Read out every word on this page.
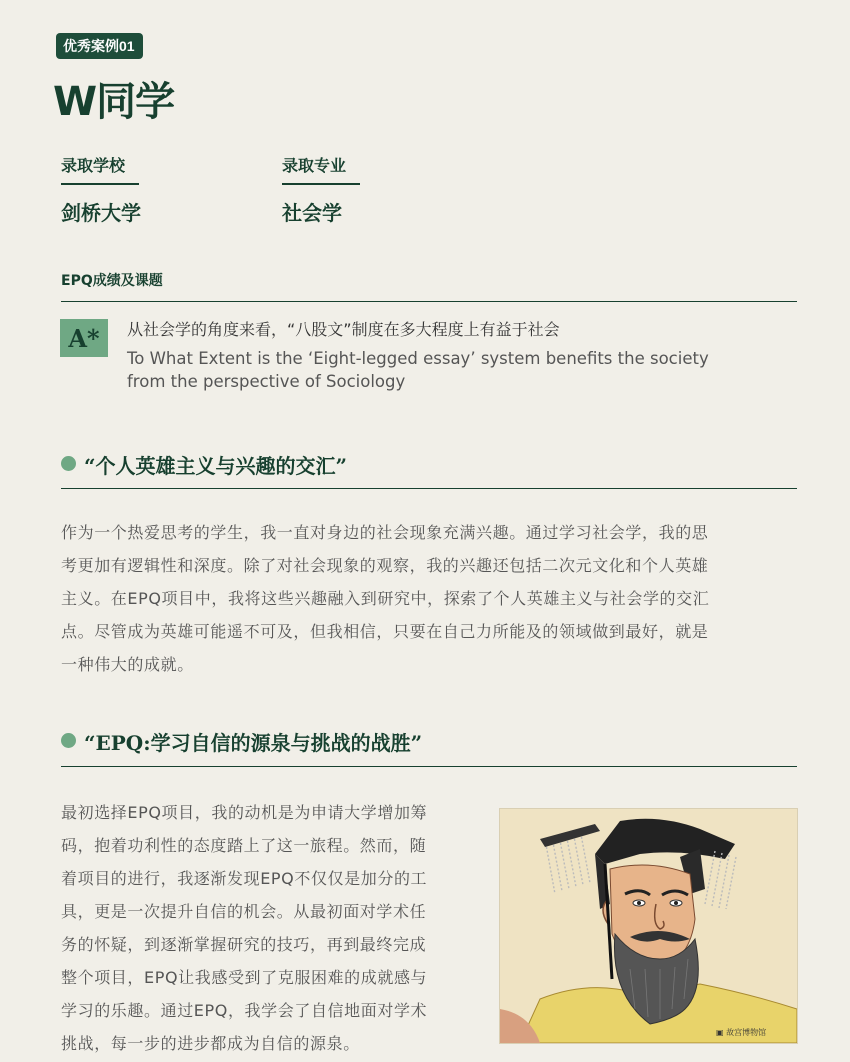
优秀案例01
W同学
录取学校
剑桥大学
录取专业
社会学
EPQ成绩及课题
A*	从社会学的角度来看，“八股文”制度在多大程度上有益于社会
To What Extent is the ‘Eight-legged essay’ system benefits the society
from the perspective of Sociology
“个人英雄主义与兴趣的交汇”
作为一个热爱思考的学生，我一直对身边的社会现象充满兴趣。通过学习社会学，我的思
考更加有逻辑性和深度。除了对社会现象的观察，我的兴趣还包括二次元文化和个人英雄
主义。在EPQ项目中，我将这些兴趣融入到研究中，探索了个人英雄主义与社会学的交汇
点。尽管成为英雄可能遥不可及，但我相信，只要在自己力所能及的领域做到最好，就是
一种伟大的成就。
“EPQ:学习自信的源泉与挑战的战胜”
最初选择EPQ项目，我的动机是为申请大学增加筹
码，抱着功利性的态度踏上了这一旅程。然而，随
着项目的进行，我逐渐发现EPQ不仅仅是加分的工
具，更是一次提升自信的机会。从最初面对学术任
务的怀疑，到逐渐掌握研究的技巧，再到最终完成
整个项目，EPQ让我感受到了克服困难的成就感与
学习的乐趣。通过EPQ，我学会了自信地面对学术
挑战，每一步的进步都成为自信的源泉。
▣ 故宫博物馆
